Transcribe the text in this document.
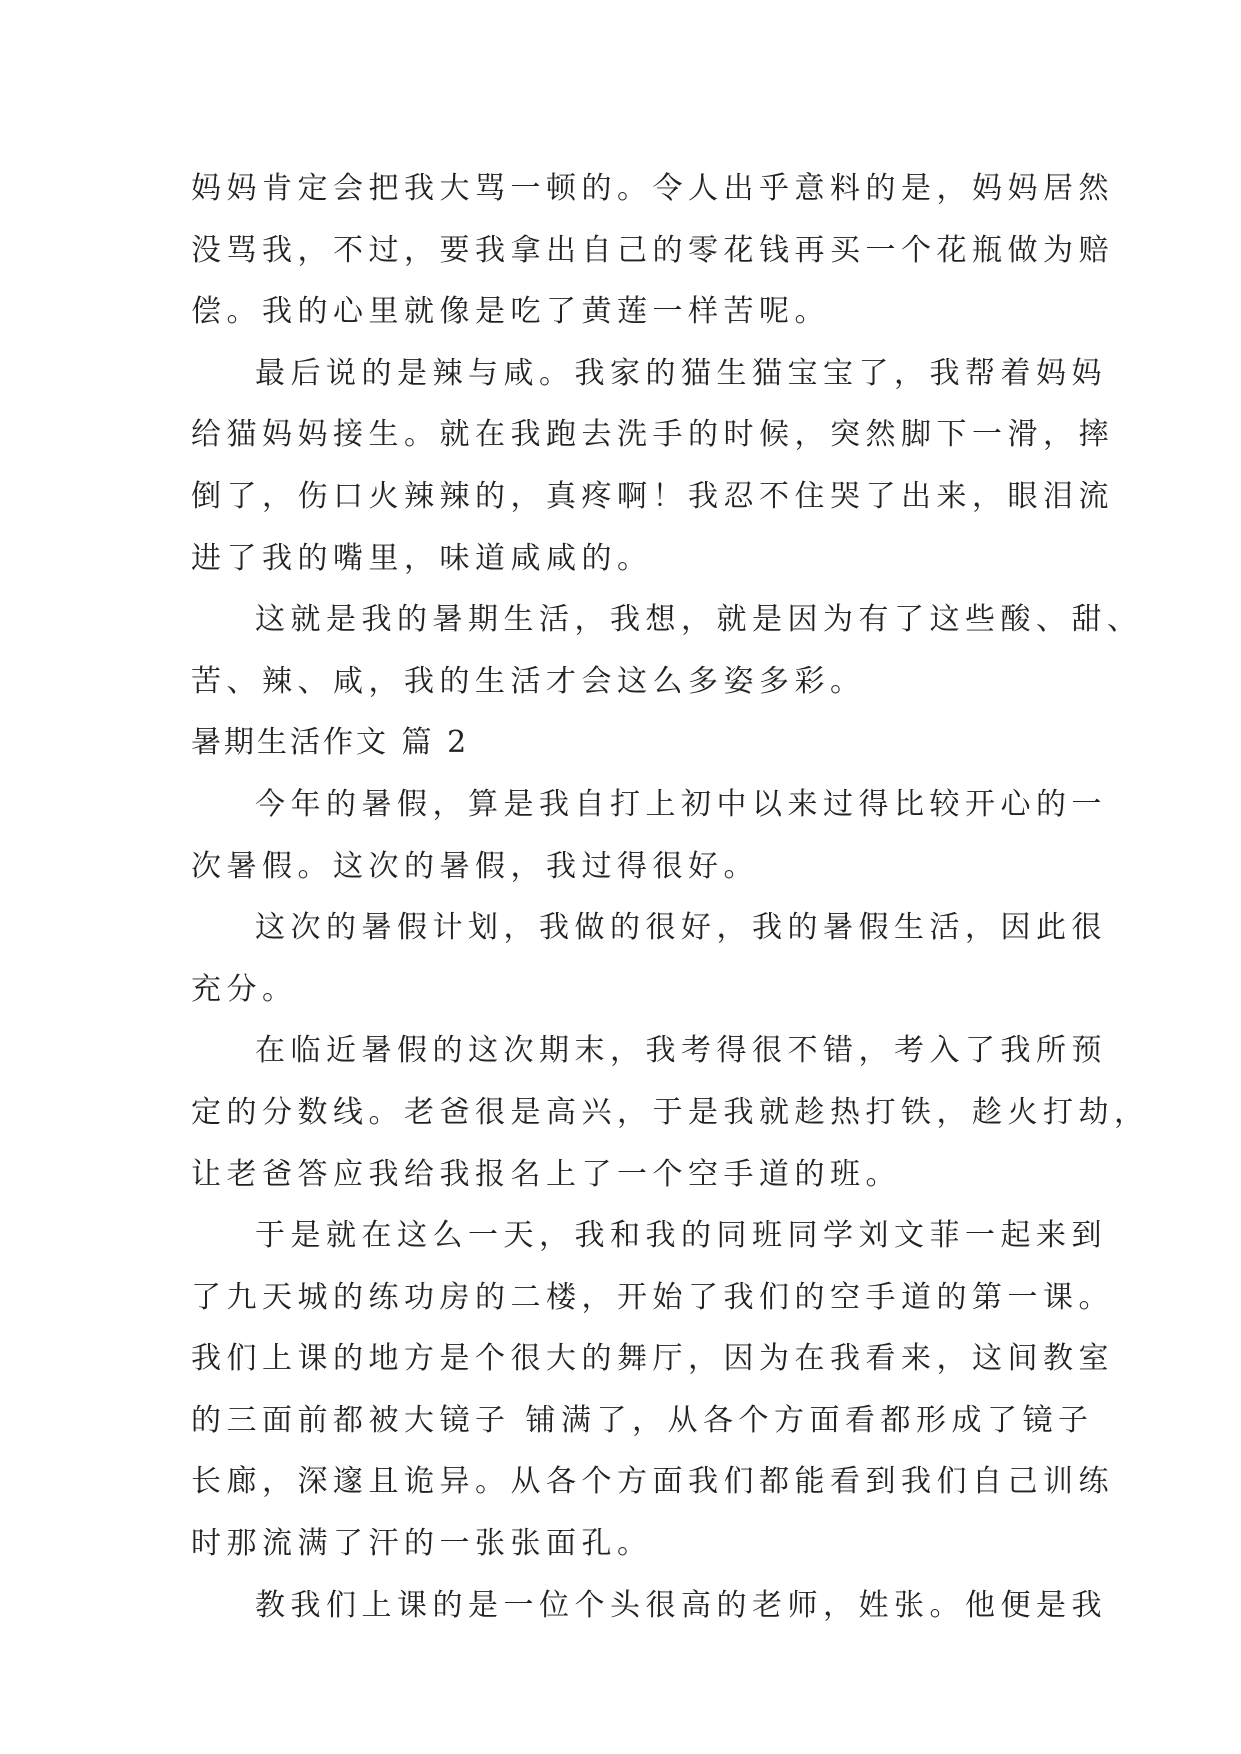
妈妈肯定会把我大骂一顿的。令人出乎意料的是，妈妈居然
没骂我，不过，要我拿出自己的零花钱再买一个花瓶做为赔
偿。我的心里就像是吃了黄莲一样苦呢。
最后说的是辣与咸。我家的猫生猫宝宝了，我帮着妈妈
给猫妈妈接生。就在我跑去洗手的时候，突然脚下一滑，摔
倒了，伤口火辣辣的，真疼啊！我忍不住哭了出来，眼泪流
进了我的嘴里，味道咸咸的。
这就是我的暑期生活，我想，就是因为有了这些酸、甜、
苦、辣、咸，我的生活才会这么多姿多彩。
暑期生活作文 篇 2
今年的暑假，算是我自打上初中以来过得比较开心的一
次暑假。这次的暑假，我过得很好。
这次的暑假计划，我做的很好，我的暑假生活，因此很
充分。
在临近暑假的这次期末，我考得很不错，考入了我所预
定的分数线。老爸很是高兴，于是我就趁热打铁，趁火打劫，
让老爸答应我给我报名上了一个空手道的班。
于是就在这么一天，我和我的同班同学刘文菲一起来到
了九天城的练功房的二楼，开始了我们的空手道的第一课。
我们上课的地方是个很大的舞厅，因为在我看来，这间教室
的三面前都被大镜子 铺满了，从各个方面看都形成了镜子
长廊，深邃且诡异。从各个方面我们都能看到我们自己训练
时那流满了汗的一张张面孔。
教我们上课的是一位个头很高的老师，姓张。他便是我
